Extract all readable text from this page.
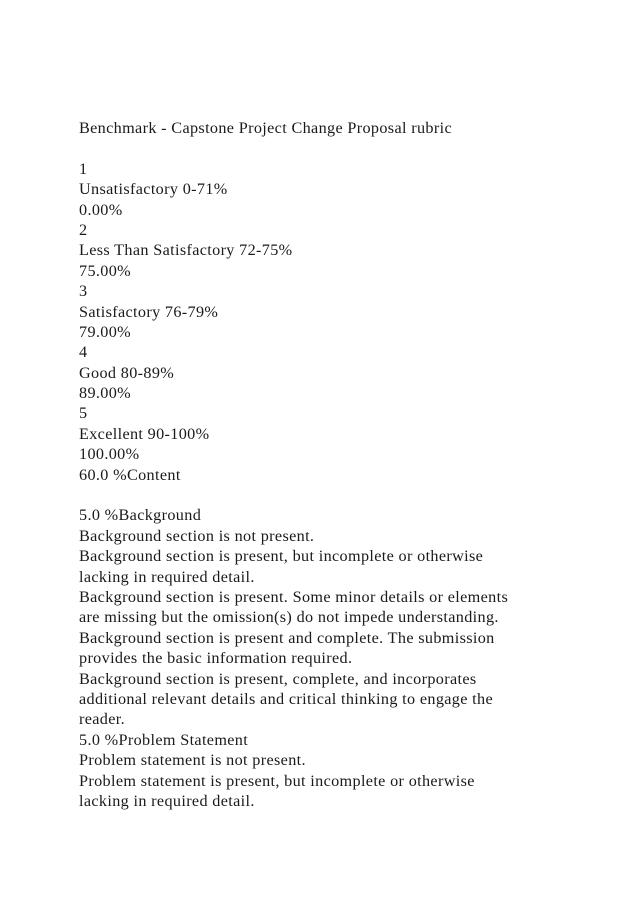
Benchmark - Capstone Project Change Proposal rubric
1
Unsatisfactory 0-71%
0.00%
2
Less Than Satisfactory 72-75%
75.00%
3
Satisfactory 76-79%
79.00%
4
Good 80-89%
89.00%
5
Excellent 90-100%
100.00%
60.0 %Content
5.0 %Background
Background section is not present.
Background section is present, but incomplete or otherwise
lacking in required detail.
Background section is present. Some minor details or elements
are missing but the omission(s) do not impede understanding.
Background section is present and complete. The submission
provides the basic information required.
Background section is present, complete, and incorporates
additional relevant details and critical thinking to engage the
reader.
5.0 %Problem Statement
Problem statement is not present.
Problem statement is present, but incomplete or otherwise
lacking in required detail.
